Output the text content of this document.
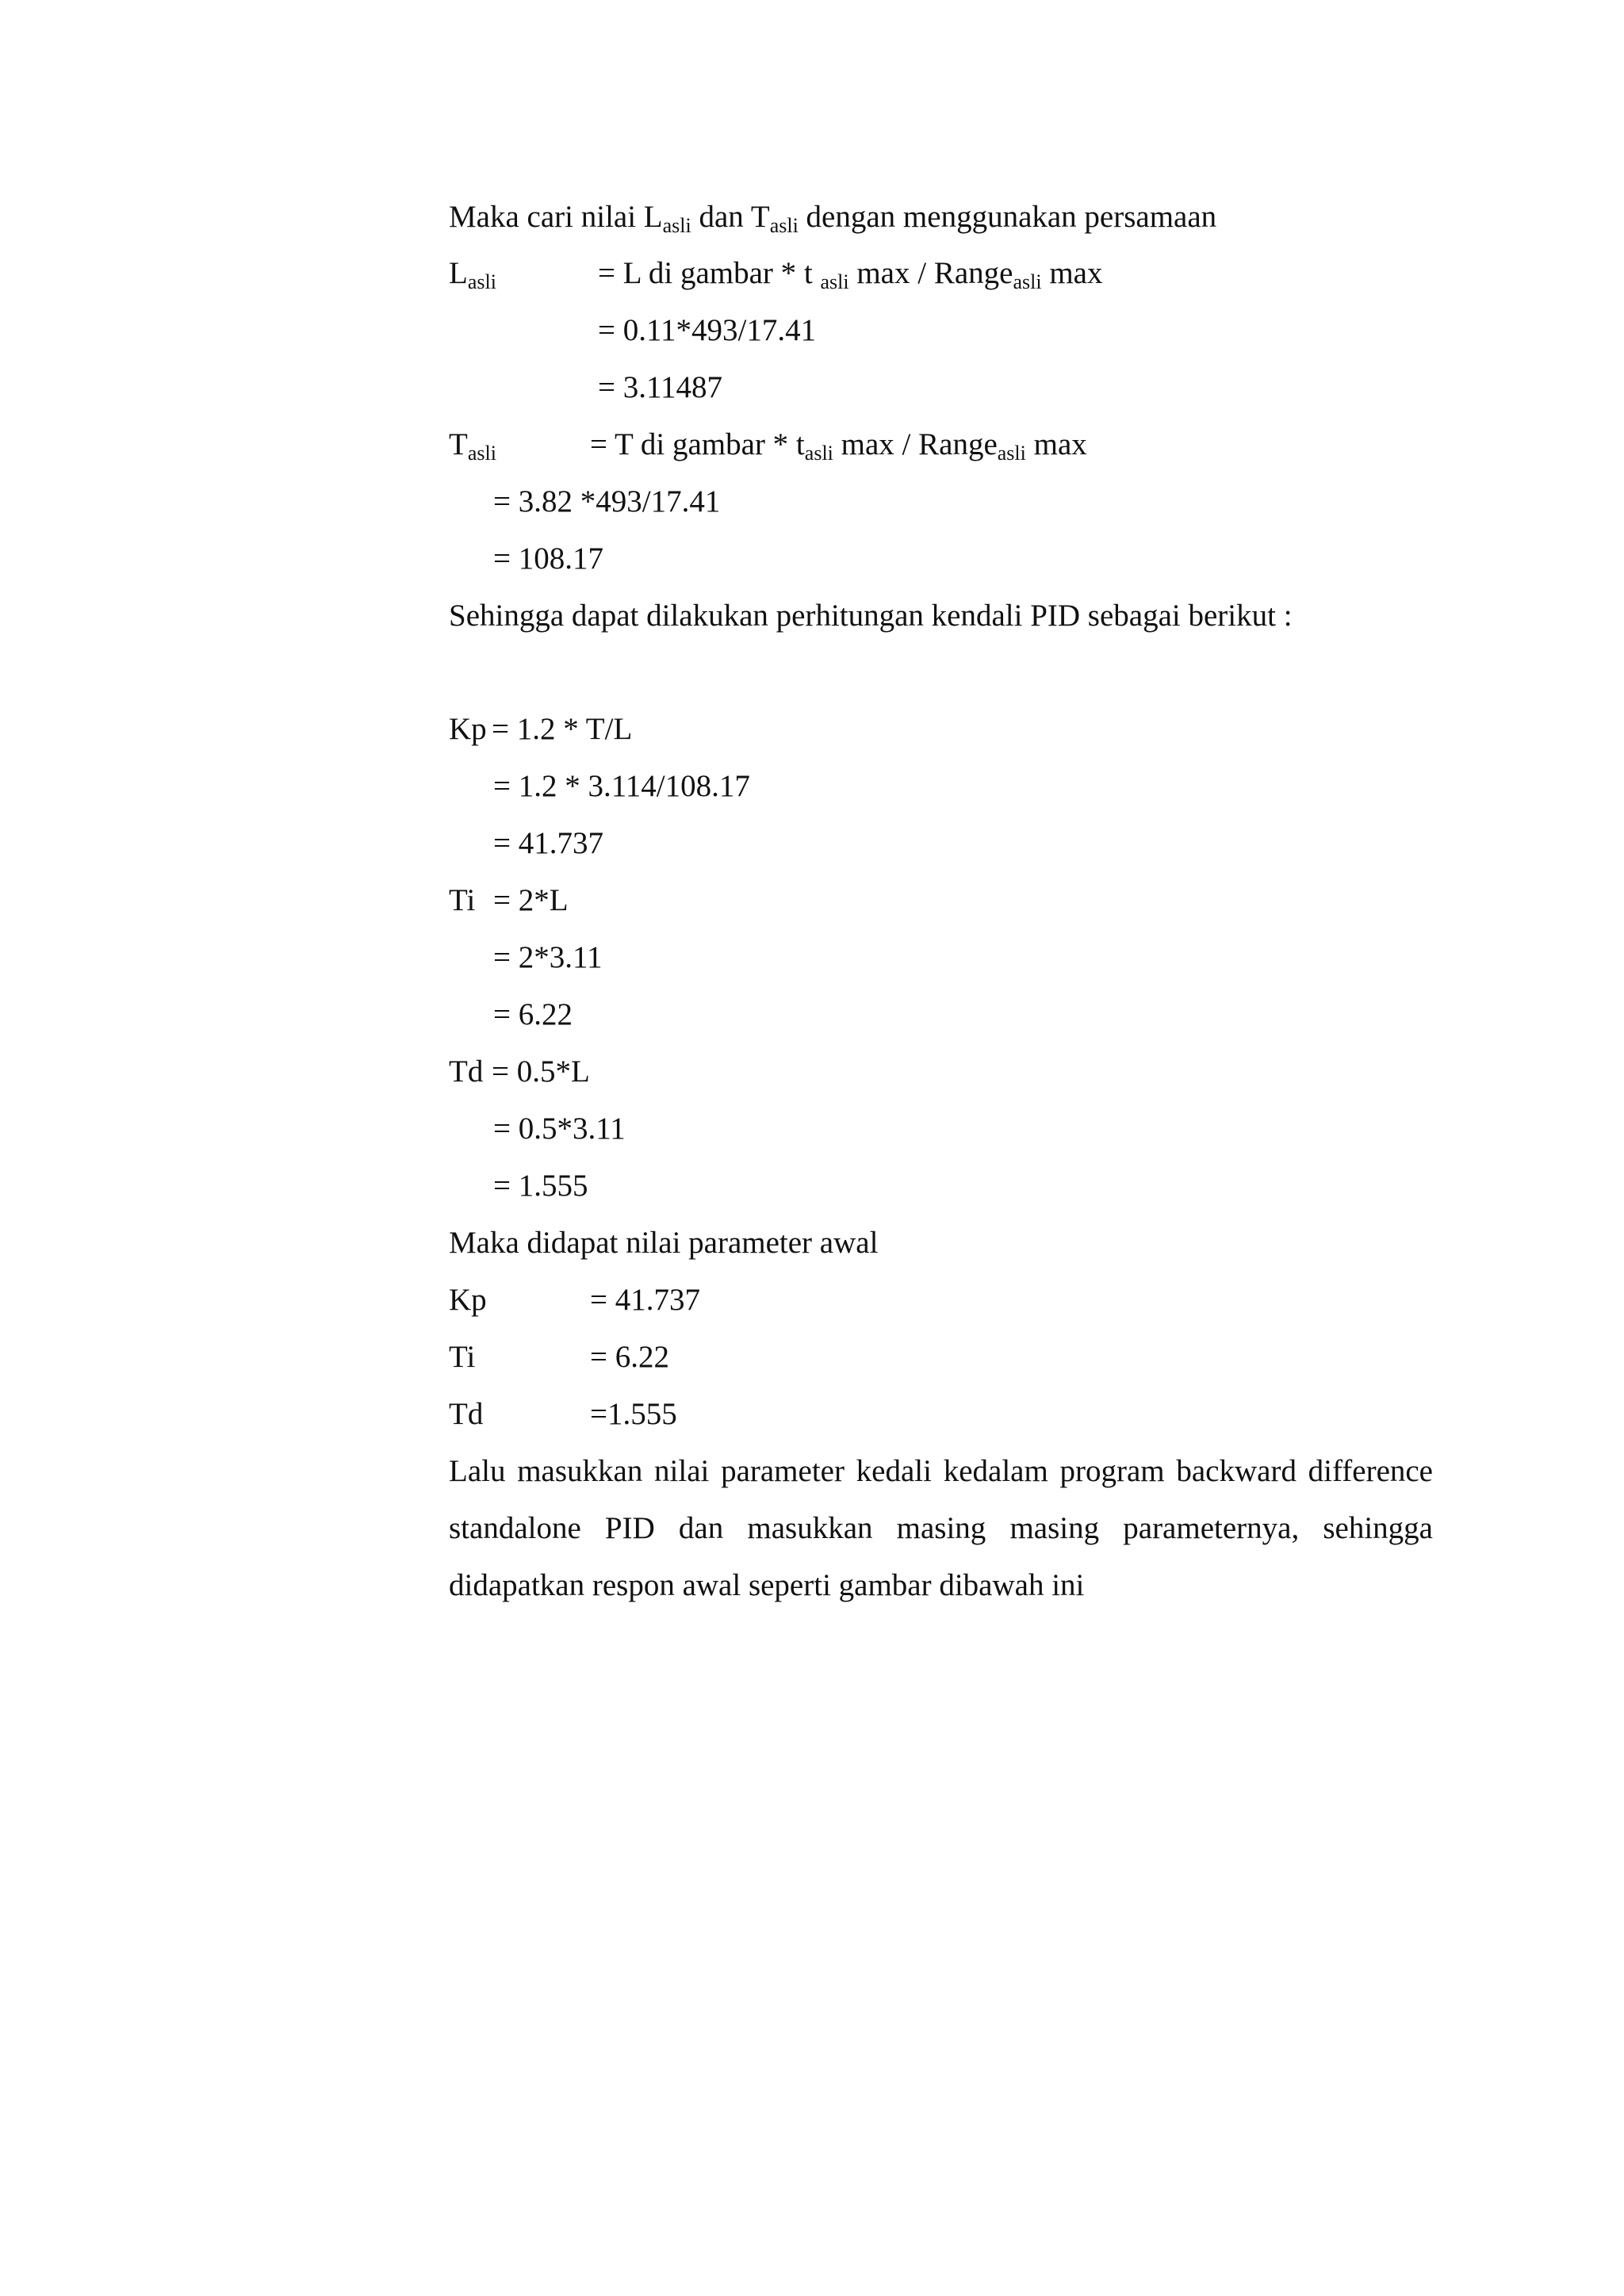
Maka cari nilai $L_{asli}$ dan $T_{asli}$ dengan menggunakan persamaan
$L_{asli}$	= L di gambar * t $_{asli}$ max / Range$_{asli}$ max
= 0.11*493/17.41
= 3.11487
$T_{asli}$	= T di gambar * $t_{asli}$ max / Range$_{asli}$ max
= 3.82 *493/17.41
= 108.17
Sehingga dapat dilakukan perhitungan kendali PID sebagai berikut :
Kp = 1.2 * T/L
= 1.2 * 3.114/108.17
= 41.737
Ti = 2*L
= 2*3.11
= 6.22
Td = 0.5*L
= 0.5*3.11
= 1.555
Maka didapat nilai parameter awal
Kp	= 41.737
Ti	= 6.22
Td	=1.555
Lalu masukkan nilai parameter kedali kedalam program backward difference standalone PID dan masukkan masing masing parameternya, sehingga didapatkan respon awal seperti gambar dibawah ini
